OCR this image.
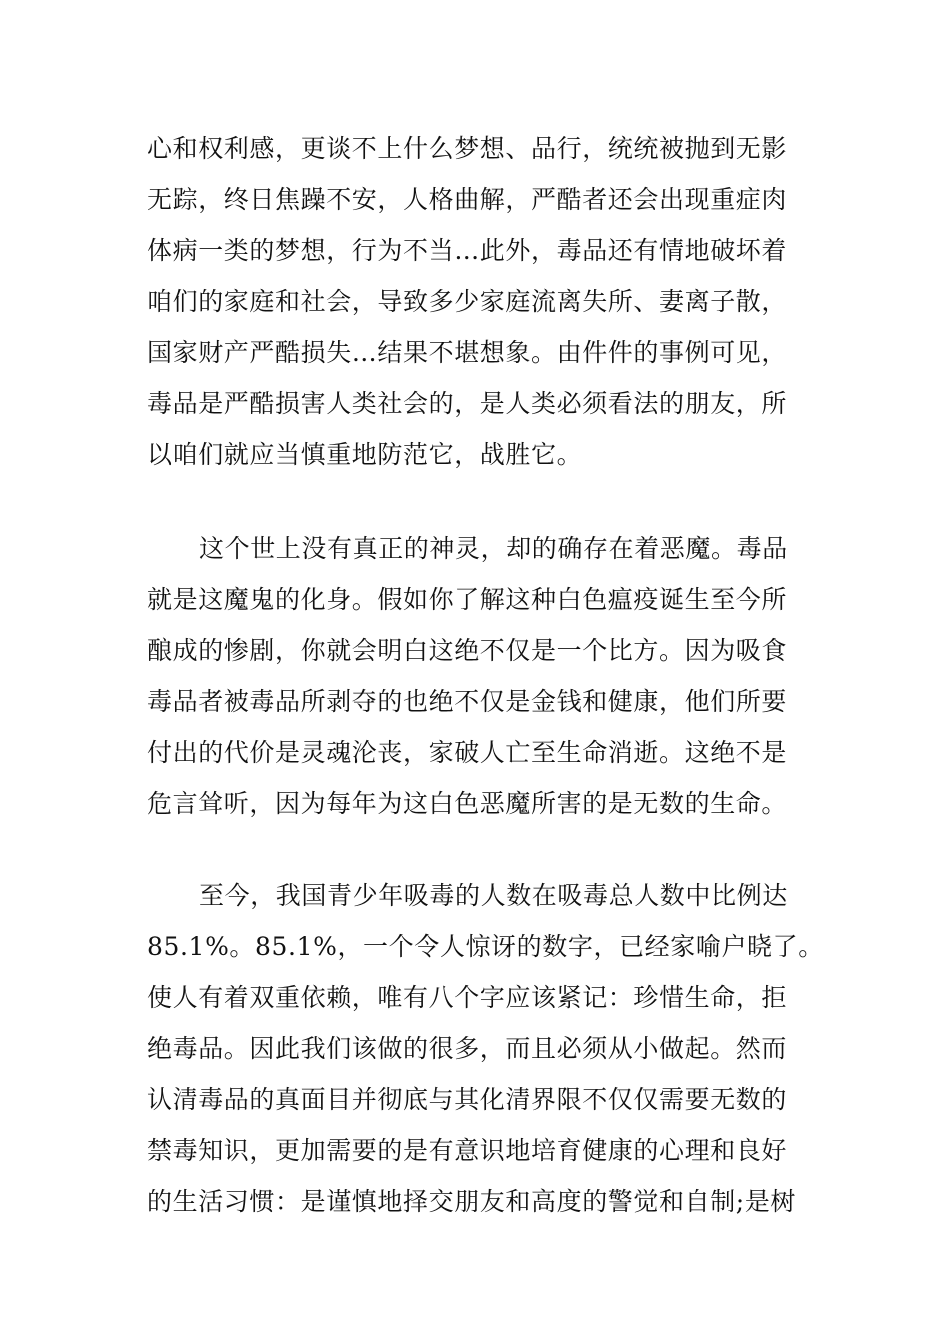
心和权利感，更谈不上什么梦想、品行，统统被抛到无影
无踪，终日焦躁不安，人格曲解，严酷者还会出现重症肉
体病一类的梦想，行为不当…此外，毒品还有情地破坏着
咱们的家庭和社会，导致多少家庭流离失所、妻离子散，
国家财产严酷损失…结果不堪想象。由件件的事例可见，
毒品是严酷损害人类社会的，是人类必须看法的朋友，所
以咱们就应当慎重地防范它，战胜它。
这个世上没有真正的神灵，却的确存在着恶魔。毒品
就是这魔鬼的化身。假如你了解这种白色瘟疫诞生至今所
酿成的惨剧，你就会明白这绝不仅是一个比方。因为吸食
毒品者被毒品所剥夺的也绝不仅是金钱和健康，他们所要
付出的代价是灵魂沦丧，家破人亡至生命消逝。这绝不是
危言耸听，因为每年为这白色恶魔所害的是无数的生命。
至今，我国青少年吸毒的人数在吸毒总人数中比例达
85.1%。85.1%，一个令人惊讶的数字，已经家喻户晓了。
使人有着双重依赖，唯有八个字应该紧记：珍惜生命，拒
绝毒品。因此我们该做的很多，而且必须从小做起。然而
认清毒品的真面目并彻底与其化清界限不仅仅需要无数的
禁毒知识，更加需要的是有意识地培育健康的心理和良好
的生活习惯：是谨慎地择交朋友和高度的警觉和自制;是树
